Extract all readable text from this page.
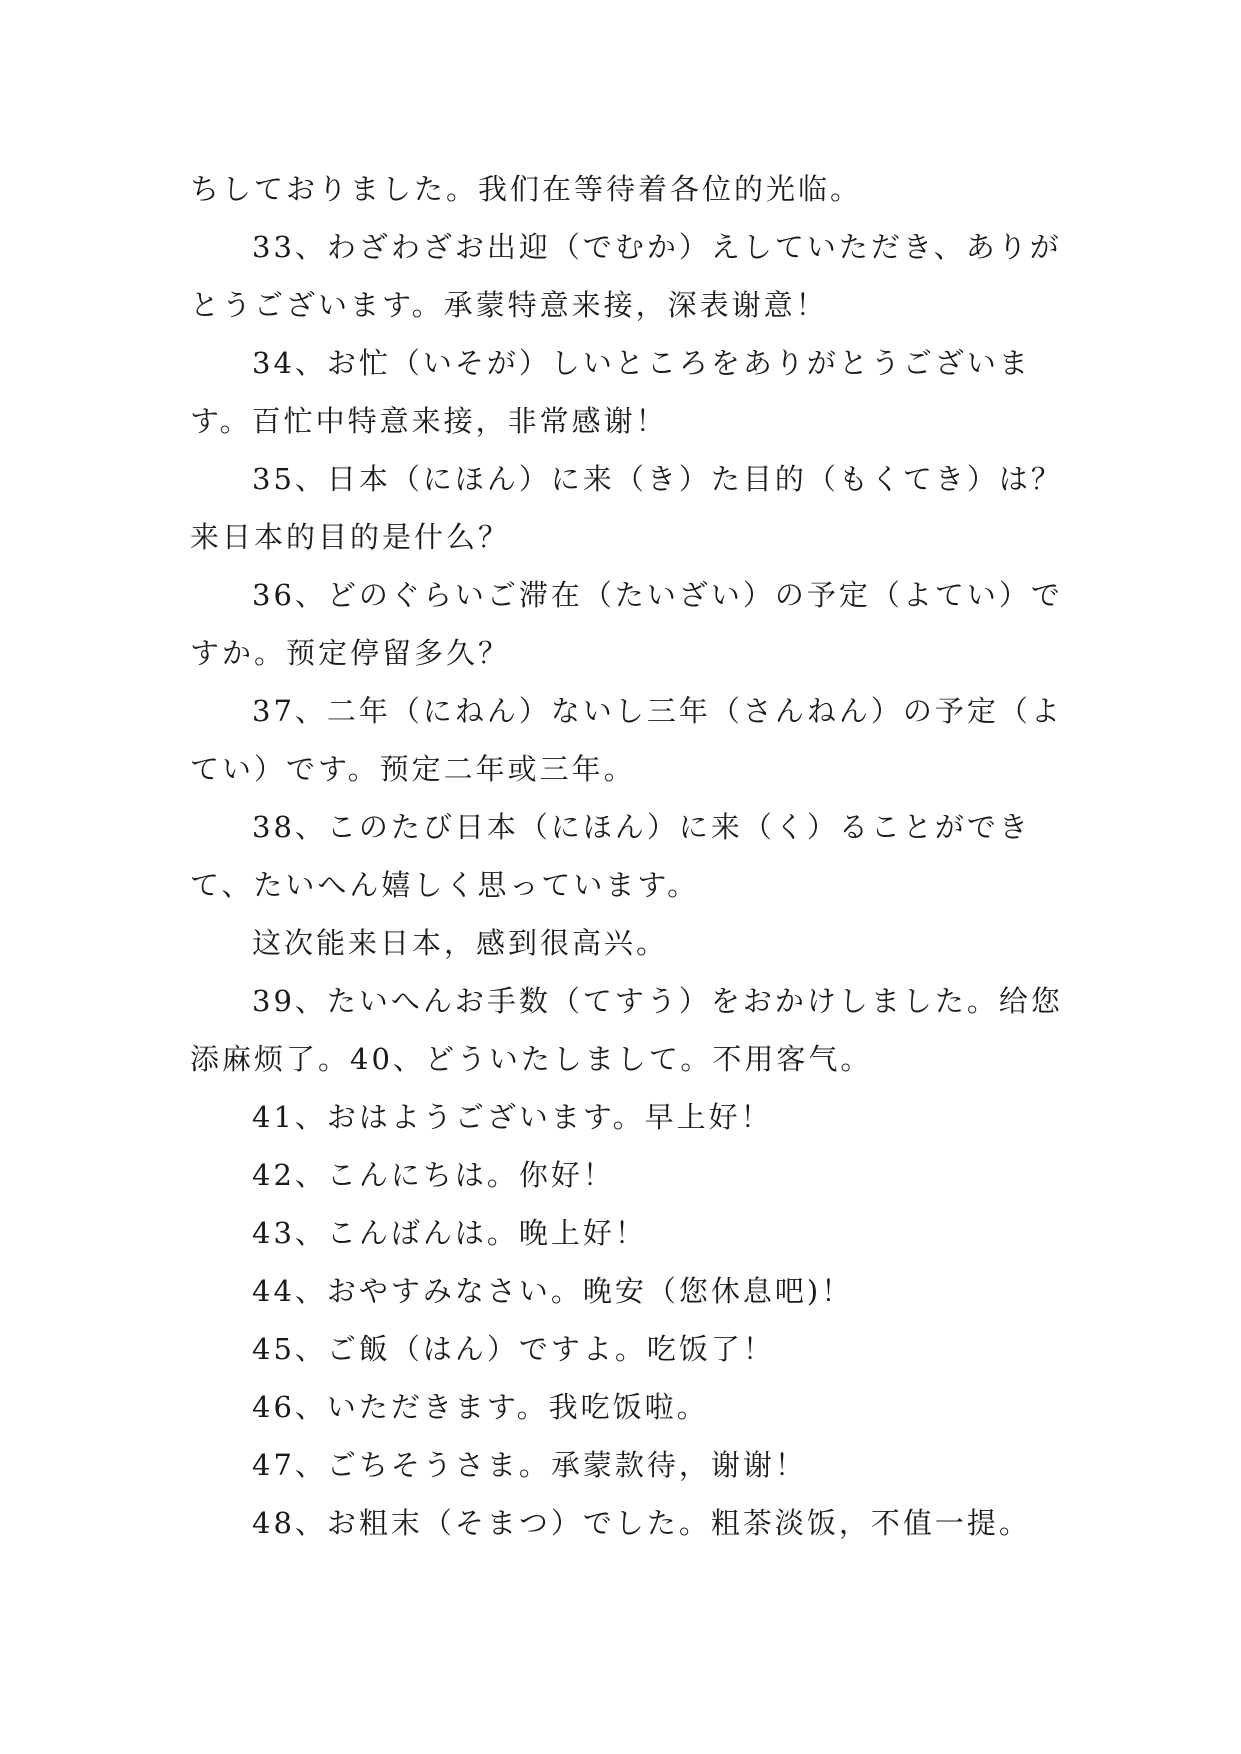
ちしておりました。我们在等待着各位的光临。

33、わざわざお出迎（でむか）えしていただき、ありがとうございます。承蒙特意来接，深表谢意！

34、お忙（いそが）しいところをありがとうございます。百忙中特意来接，非常感谢！

35、日本（にほん）に来（き）た目的（もくてき）は？来日本的目的是什么？

36、どのぐらいご滞在（たいざい）の予定（よてい）ですか。预定停留多久？

37、二年（にねん）ないし三年（さんねん）の予定（よてい）です。预定二年或三年。

38、このたび日本（にほん）に来（く）ることができて、たいへん嬉しく思っています。

这次能来日本，感到很高兴。

39、たいへんお手数（てすう）をおかけしました。给您添麻烦了。40、どういたしまして。不用客气。

41、おはようございます。早上好！

42、こんにちは。你好！

43、こんばんは。晚上好！

44、おやすみなさい。晚安（您休息吧)！

45、ご飯（はん）ですよ。吃饭了！

46、いただきます。我吃饭啦。

47、ごちそうさま。承蒙款待，谢谢！

48、お粗末（そまつ）でした。粗茶淡饭，不值一提。
